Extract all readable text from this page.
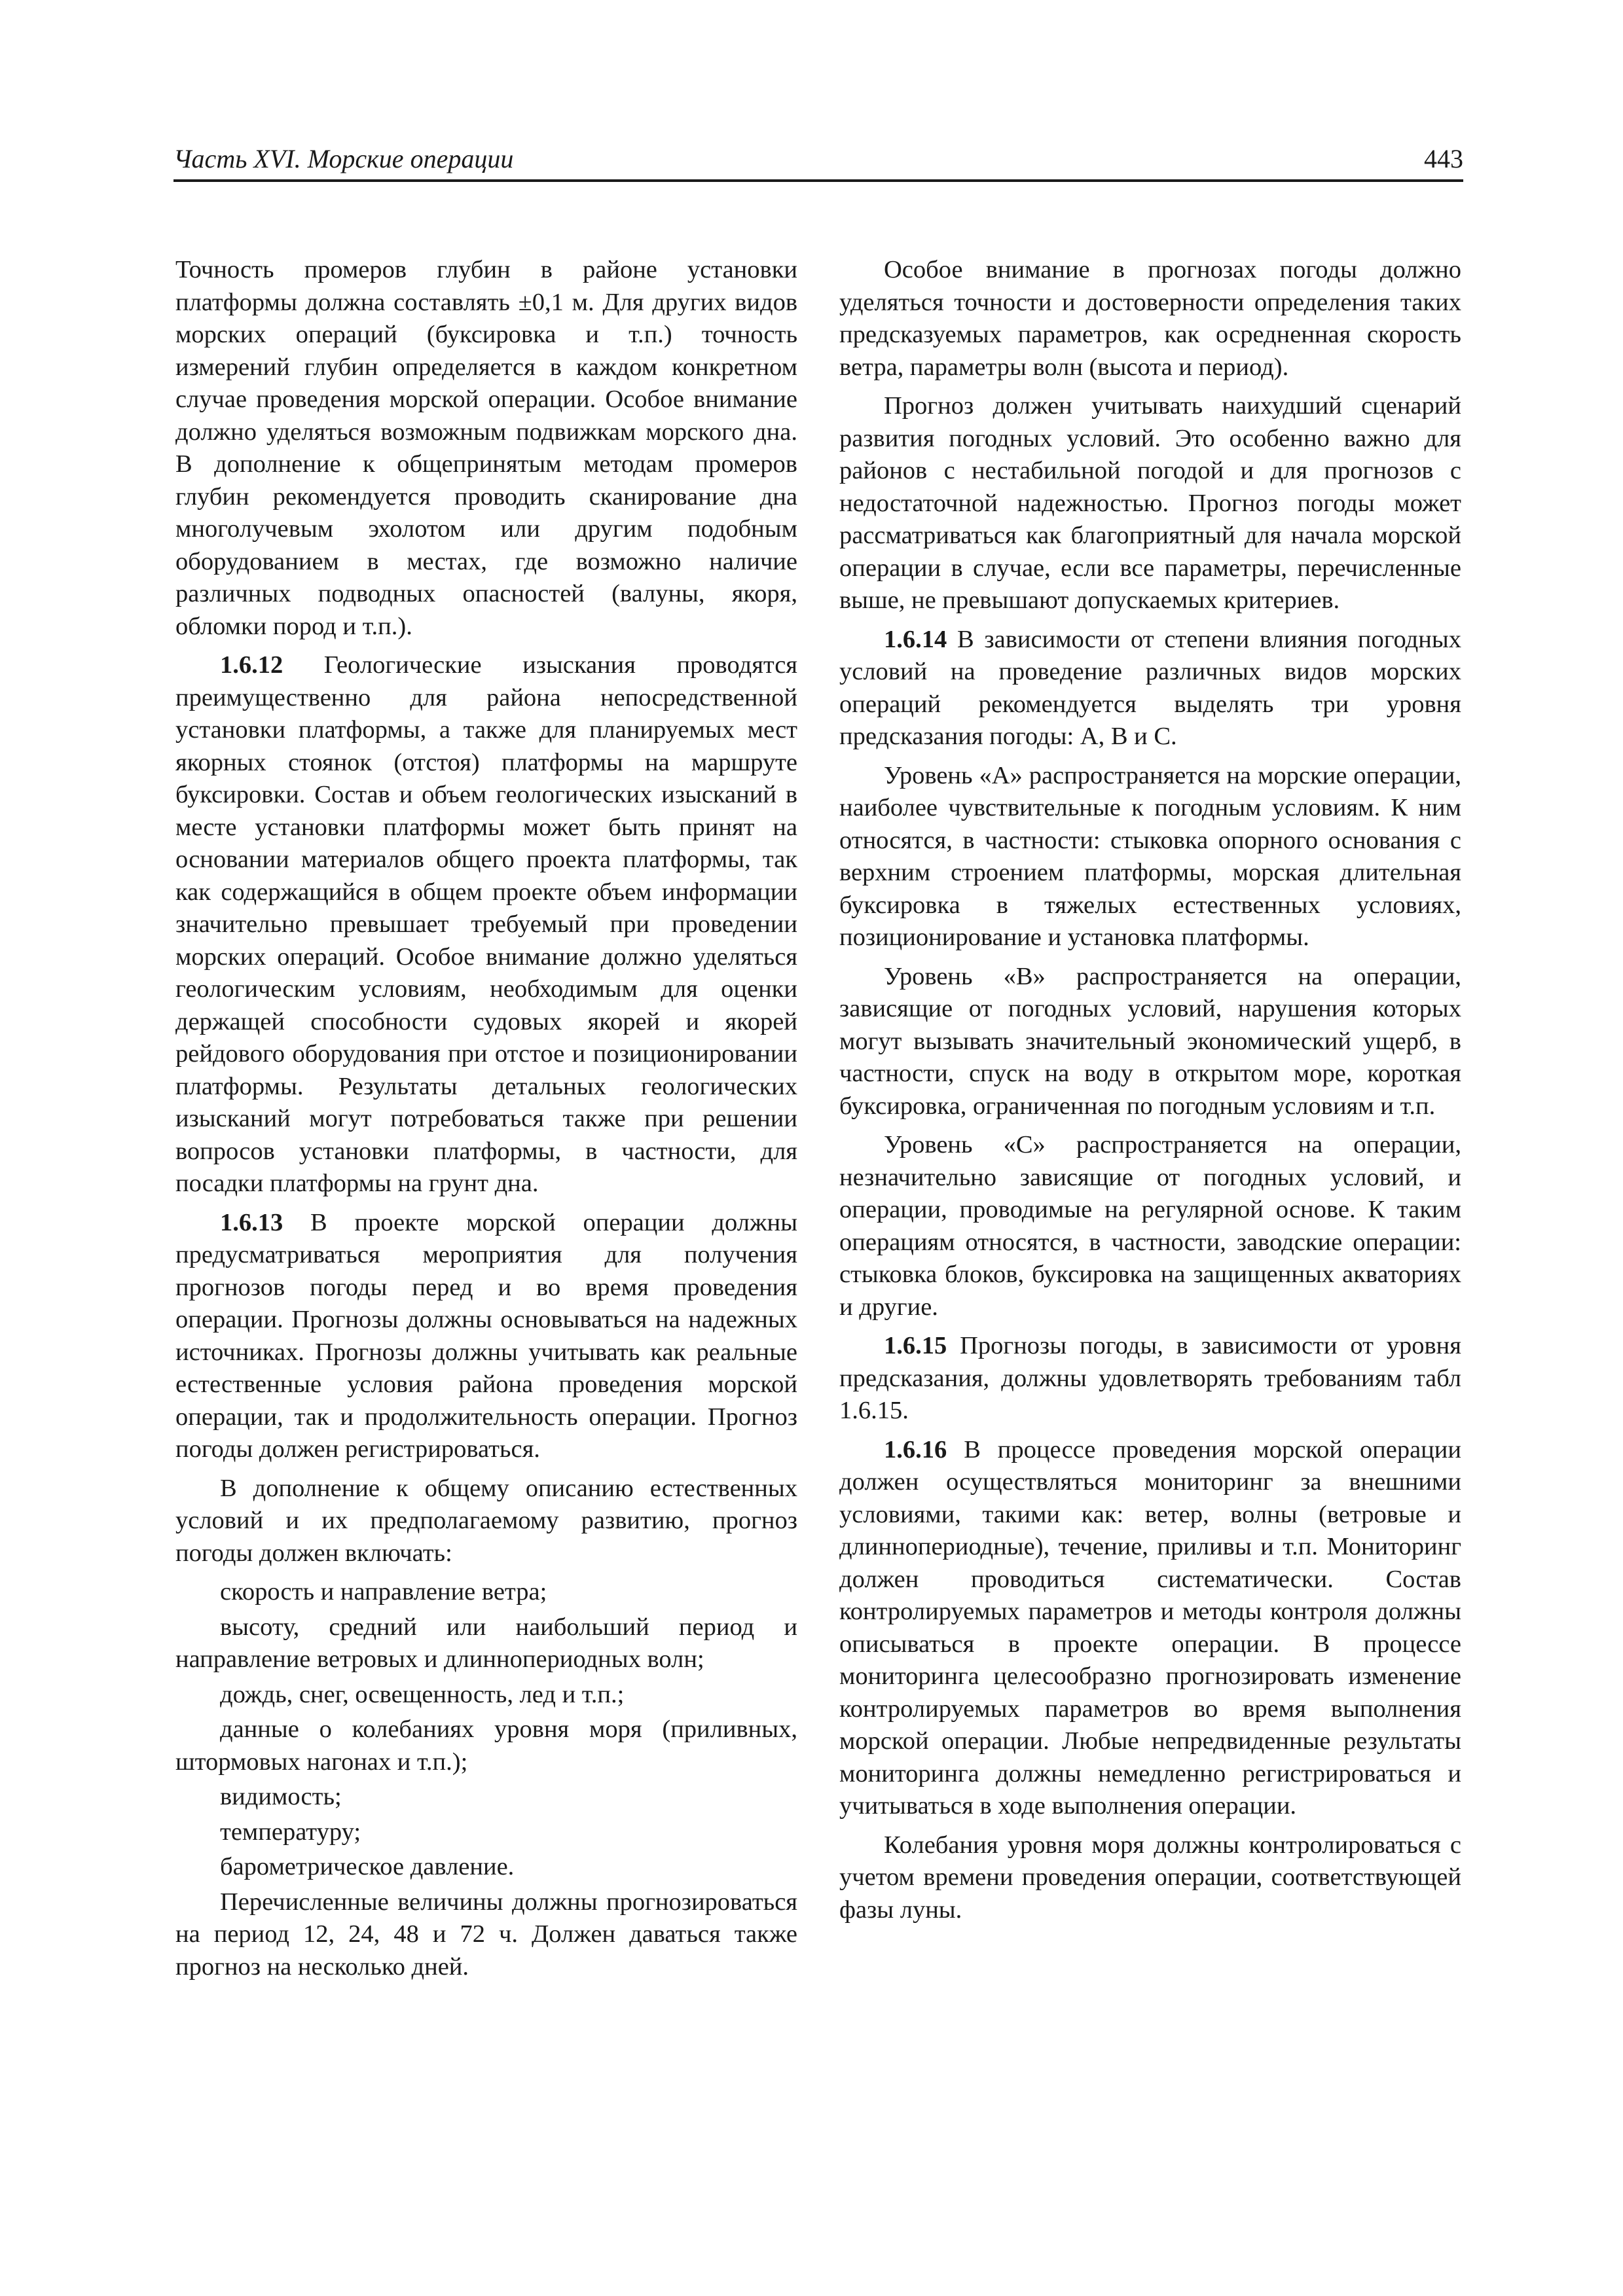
Часть XVI. Морские операции	443

Точность промеров глубин в районе установки платформы должна составлять ±0,1 м. Для других видов морских операций (буксировка и т.п.) точность измерений глубин определяется в каждом конкретном случае проведения морской операции. Особое внимание должно уделяться возможным подвижкам морского дна. В дополнение к общепринятым методам промеров глубин рекомендуется проводить сканирование дна многолучевым эхолотом или другим подобным оборудованием в местах, где возможно наличие различных подводных опасностей (валуны, якоря, обломки пород и т.п.).

1.6.12 Геологические изыскания проводятся преимущественно для района непосредственной установки платформы, а также для планируемых мест якорных стоянок (отстоя) платформы на маршруте буксировки. Состав и объем геологических изысканий в месте установки платформы может быть принят на основании материалов общего проекта платформы, так как содержащийся в общем проекте объем информации значительно превышает требуемый при проведении морских операций. Особое внимание должно уделяться геологическим условиям, необходимым для оценки держащей способности судовых якорей и якорей рейдового оборудования при отстое и позиционировании платформы. Результаты детальных геологических изысканий могут потребоваться также при решении вопросов установки платформы, в частности, для посадки платформы на грунт дна.

1.6.13 В проекте морской операции должны предусматриваться мероприятия для получения прогнозов погоды перед и во время проведения операции. Прогнозы должны основываться на надежных источниках. Прогнозы должны учитывать как реальные естественные условия района проведения морской операции, так и продолжительность операции. Прогноз погоды должен регистрироваться.

В дополнение к общему описанию естественных условий и их предполагаемому развитию, прогноз погоды должен включать:

скорость и направление ветра;

высоту, средний или наибольший период и направление ветровых и длиннопериодных волн;

дождь, снег, освещенность, лед и т.п.;

данные о колебаниях уровня моря (приливных, штормовых нагонах и т.п.);

видимость;

температуру;

барометрическое давление.

Перечисленные величины должны прогнозироваться на период 12, 24, 48 и 72 ч. Должен даваться также прогноз на несколько дней.

Особое внимание в прогнозах погоды должно уделяться точности и достоверности определения таких предсказуемых параметров, как осредненная скорость ветра, параметры волн (высота и период).

Прогноз должен учитывать наихудший сценарий развития погодных условий. Это особенно важно для районов с нестабильной погодой и для прогнозов с недостаточной надежностью. Прогноз погоды может рассматриваться как благоприятный для начала морской операции в случае, если все параметры, перечисленные выше, не превышают допускаемых критериев.

1.6.14 В зависимости от степени влияния погодных условий на проведение различных видов морских операций рекомендуется выделять три уровня предсказания погоды: А, В и С.

Уровень «А» распространяется на морские операции, наиболее чувствительные к погодным условиям. К ним относятся, в частности: стыковка опорного основания с верхним строением платформы, морская длительная буксировка в тяжелых естественных условиях, позиционирование и установка платформы.

Уровень «В» распространяется на операции, зависящие от погодных условий, нарушения которых могут вызывать значительный экономический ущерб, в частности, спуск на воду в открытом море, короткая буксировка, ограниченная по погодным условиям и т.п.

Уровень «С» распространяется на операции, незначительно зависящие от погодных условий, и операции, проводимые на регулярной основе. К таким операциям относятся, в частности, заводские операции: стыковка блоков, буксировка на защищенных акваториях и другие.

1.6.15 Прогнозы погоды, в зависимости от уровня предсказания, должны удовлетворять требованиям табл 1.6.15.

1.6.16 В процессе проведения морской операции должен осуществляться мониторинг за внешними условиями, такими как: ветер, волны (ветровые и длиннопериодные), течение, приливы и т.п. Мониторинг должен проводиться систематически. Состав контролируемых параметров и методы контроля должны описываться в проекте операции. В процессе мониторинга целесообразно прогнозировать изменение контролируемых параметров во время выполнения морской операции. Любые непредвиденные результаты мониторинга должны немедленно регистрироваться и учитываться в ходе выполнения операции.

Колебания уровня моря должны контролироваться с учетом времени проведения операции, соответствующей фазы луны.
